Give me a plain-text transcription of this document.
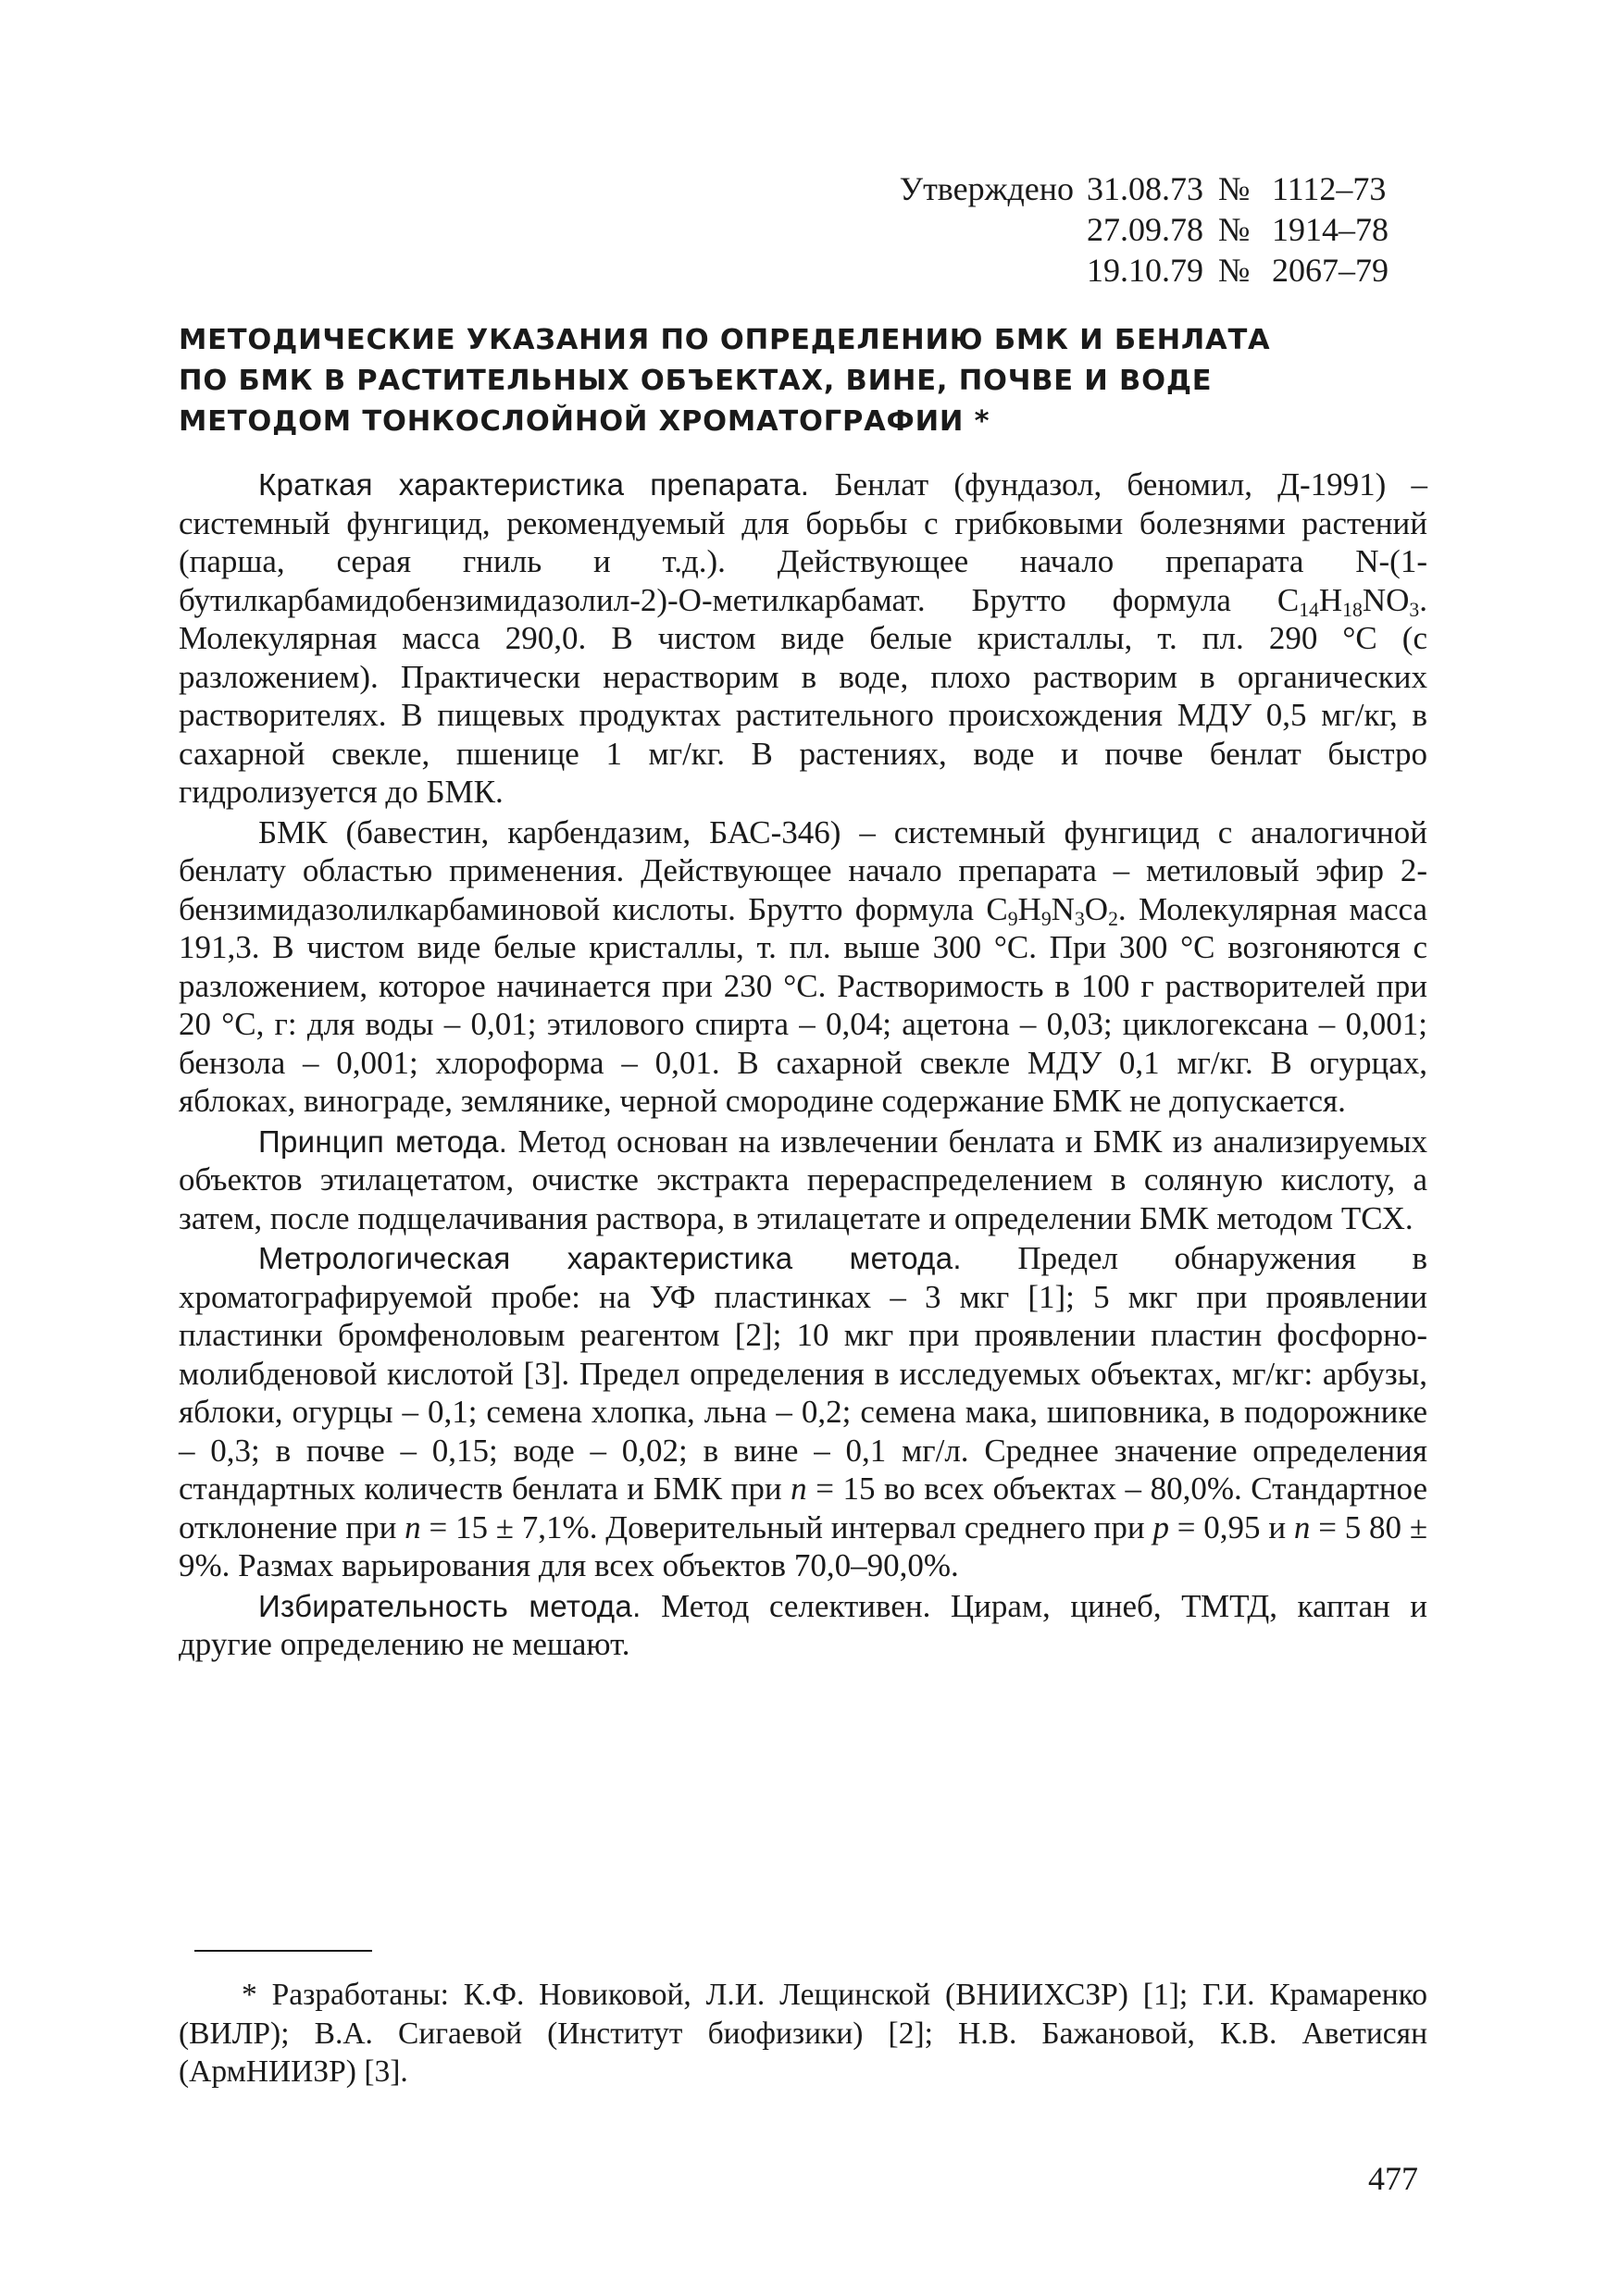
Утверждено 31.08.73 № 1112–73
27.09.78 № 1914–78
19.10.79 № 2067–79
МЕТОДИЧЕСКИЕ УКАЗАНИЯ ПО ОПРЕДЕЛЕНИЮ БМК И БЕНЛАТА
ПО БМК В РАСТИТЕЛЬНЫХ ОБЪЕКТАХ, ВИНЕ, ПОЧВЕ И ВОДЕ
МЕТОДОМ ТОНКОСЛОЙНОЙ ХРОМАТОГРАФИИ *

Краткая характеристика препарата. Бенлат (фундазол, беномил, Д-1991) – системный фунгицид, рекомендуемый для борьбы с грибковыми болезнями растений (парша, серая гниль и т.д.). Действующее начало препарата N-(1-бутилкарбамидобензимидазолил-2)-О-метилкарбамат. Брутто формула $C_{14}H_{18}NO_3$. Молекулярная масса 290,0. В чистом виде белые кристаллы, т. пл. 290 °С (с разложением). Практически нерастворим в воде, плохо растворим в органических растворителях. В пищевых продуктах растительного происхождения МДУ 0,5 мг/кг, в сахарной свекле, пшенице 1 мг/кг. В растениях, воде и почве бенлат быстро гидролизуется до БМК.

БМК (бавестин, карбендазим, БАС-346) – системный фунгицид с аналогичной бенлату областью применения. Действующее начало препарата – метиловый эфир 2-бензимидазолилкарбаминовой кислоты. Брутто формула $C_9H_9N_3O_2$. Молекулярная масса 191,3. В чистом виде белые кристаллы, т. пл. выше 300 °С. При 300 °С возгоняются с разложением, которое начинается при 230 °С. Растворимость в 100 г растворителей при 20 °С, г: для воды – 0,01; этилового спирта – 0,04; ацетона – 0,03; циклогексана – 0,001; бензола – 0,001; хлороформа – 0,01. В сахарной свекле МДУ 0,1 мг/кг. В огурцах, яблоках, винограде, землянике, черной смородине содержание БМК не допускается.

Принцип метода. Метод основан на извлечении бенлата и БМК из анализируемых объектов этилацетатом, очистке экстракта перераспределением в соляную кислоту, а затем, после подщелачивания раствора, в этилацетате и определении БМК методом ТСХ.

Метрологическая характеристика метода. Предел обнаружения в хроматографируемой пробе: на УФ пластинках – 3 мкг [1]; 5 мкг при проявлении пластинки бромфеноловым реагентом [2]; 10 мкг при проявлении пластин фосфорно-молибденовой кислотой [3]. Предел определения в исследуемых объектах, мг/кг: арбузы, яблоки, огурцы – 0,1; семена хлопка, льна – 0,2; семена мака, шиповника, в подорожнике – 0,3; в почве – 0,15; воде – 0,02; в вине – 0,1 мг/л. Среднее значение определения стандартных количеств бенлата и БМК при n = 15 во всех объектах – 80,0%. Стандартное отклонение при n = 15 ± 7,1%. Доверительный интервал среднего при p = 0,95 и n = 5 80 ± 9%. Размах варьирования для всех объектов 70,0–90,0%.

Избирательность метода. Метод селективен. Цирам, цинеб, ТМТД, каптан и другие определению не мешают.

* Разработаны: К.Ф. Новиковой, Л.И. Лещинской (ВНИИХСЗР) [1]; Г.И. Крамаренко (ВИЛР); В.А. Сигаевой (Институт биофизики) [2]; Н.В. Бажановой, К.В. Аветисян (АрмНИИЗР) [3].

477
